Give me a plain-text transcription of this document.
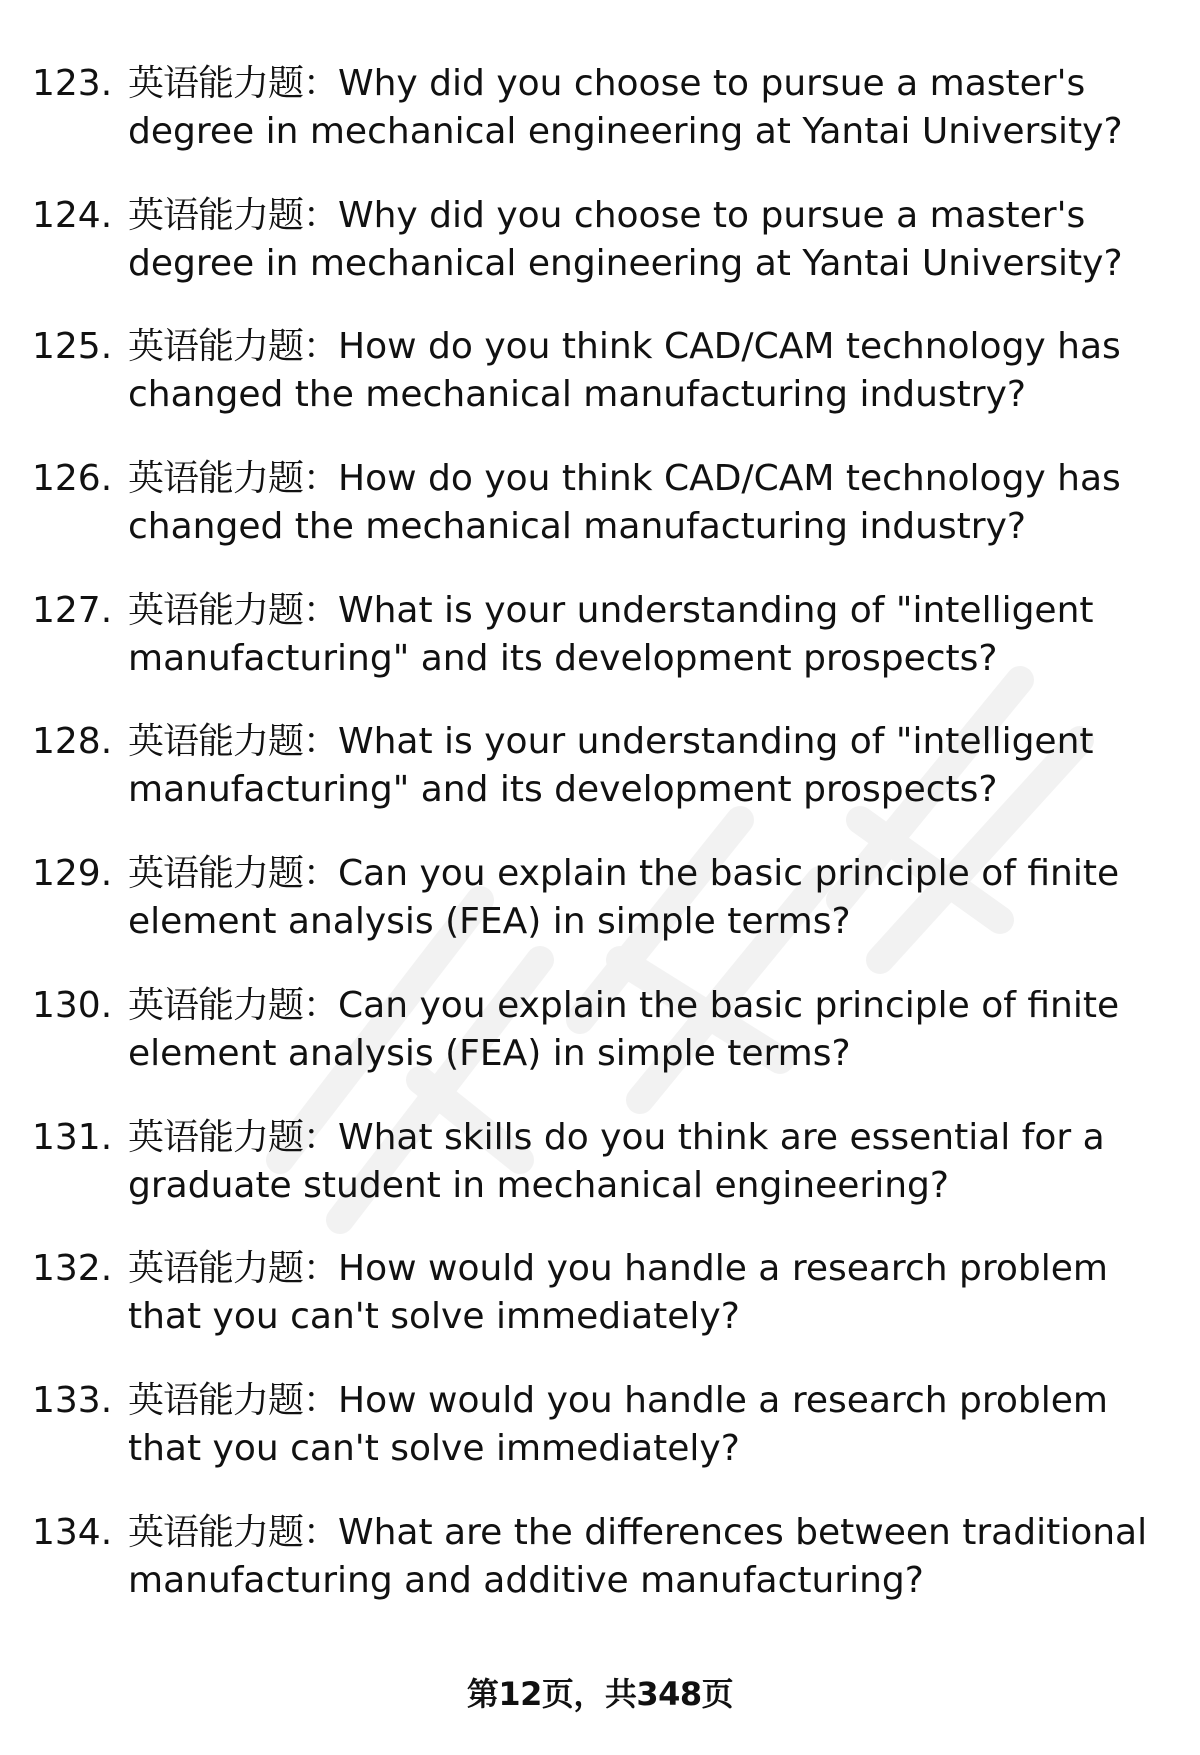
123. 英语能力题：Why did you choose to pursue a master's degree in mechanical engineering at Yantai University?
124. 英语能力题：Why did you choose to pursue a master's degree in mechanical engineering at Yantai University?
125. 英语能力题：How do you think CAD/CAM technology has changed the mechanical manufacturing industry?
126. 英语能力题：How do you think CAD/CAM technology has changed the mechanical manufacturing industry?
127. 英语能力题：What is your understanding of "intelligent manufacturing" and its development prospects?
128. 英语能力题：What is your understanding of "intelligent manufacturing" and its development prospects?
129. 英语能力题：Can you explain the basic principle of finite element analysis (FEA) in simple terms?
130. 英语能力题：Can you explain the basic principle of finite element analysis (FEA) in simple terms?
131. 英语能力题：What skills do you think are essential for a graduate student in mechanical engineering?
132. 英语能力题：How would you handle a research problem that you can't solve immediately?
133. 英语能力题：How would you handle a research problem that you can't solve immediately?
134. 英语能力题：What are the differences between traditional manufacturing and additive manufacturing?
第12页，共348页
